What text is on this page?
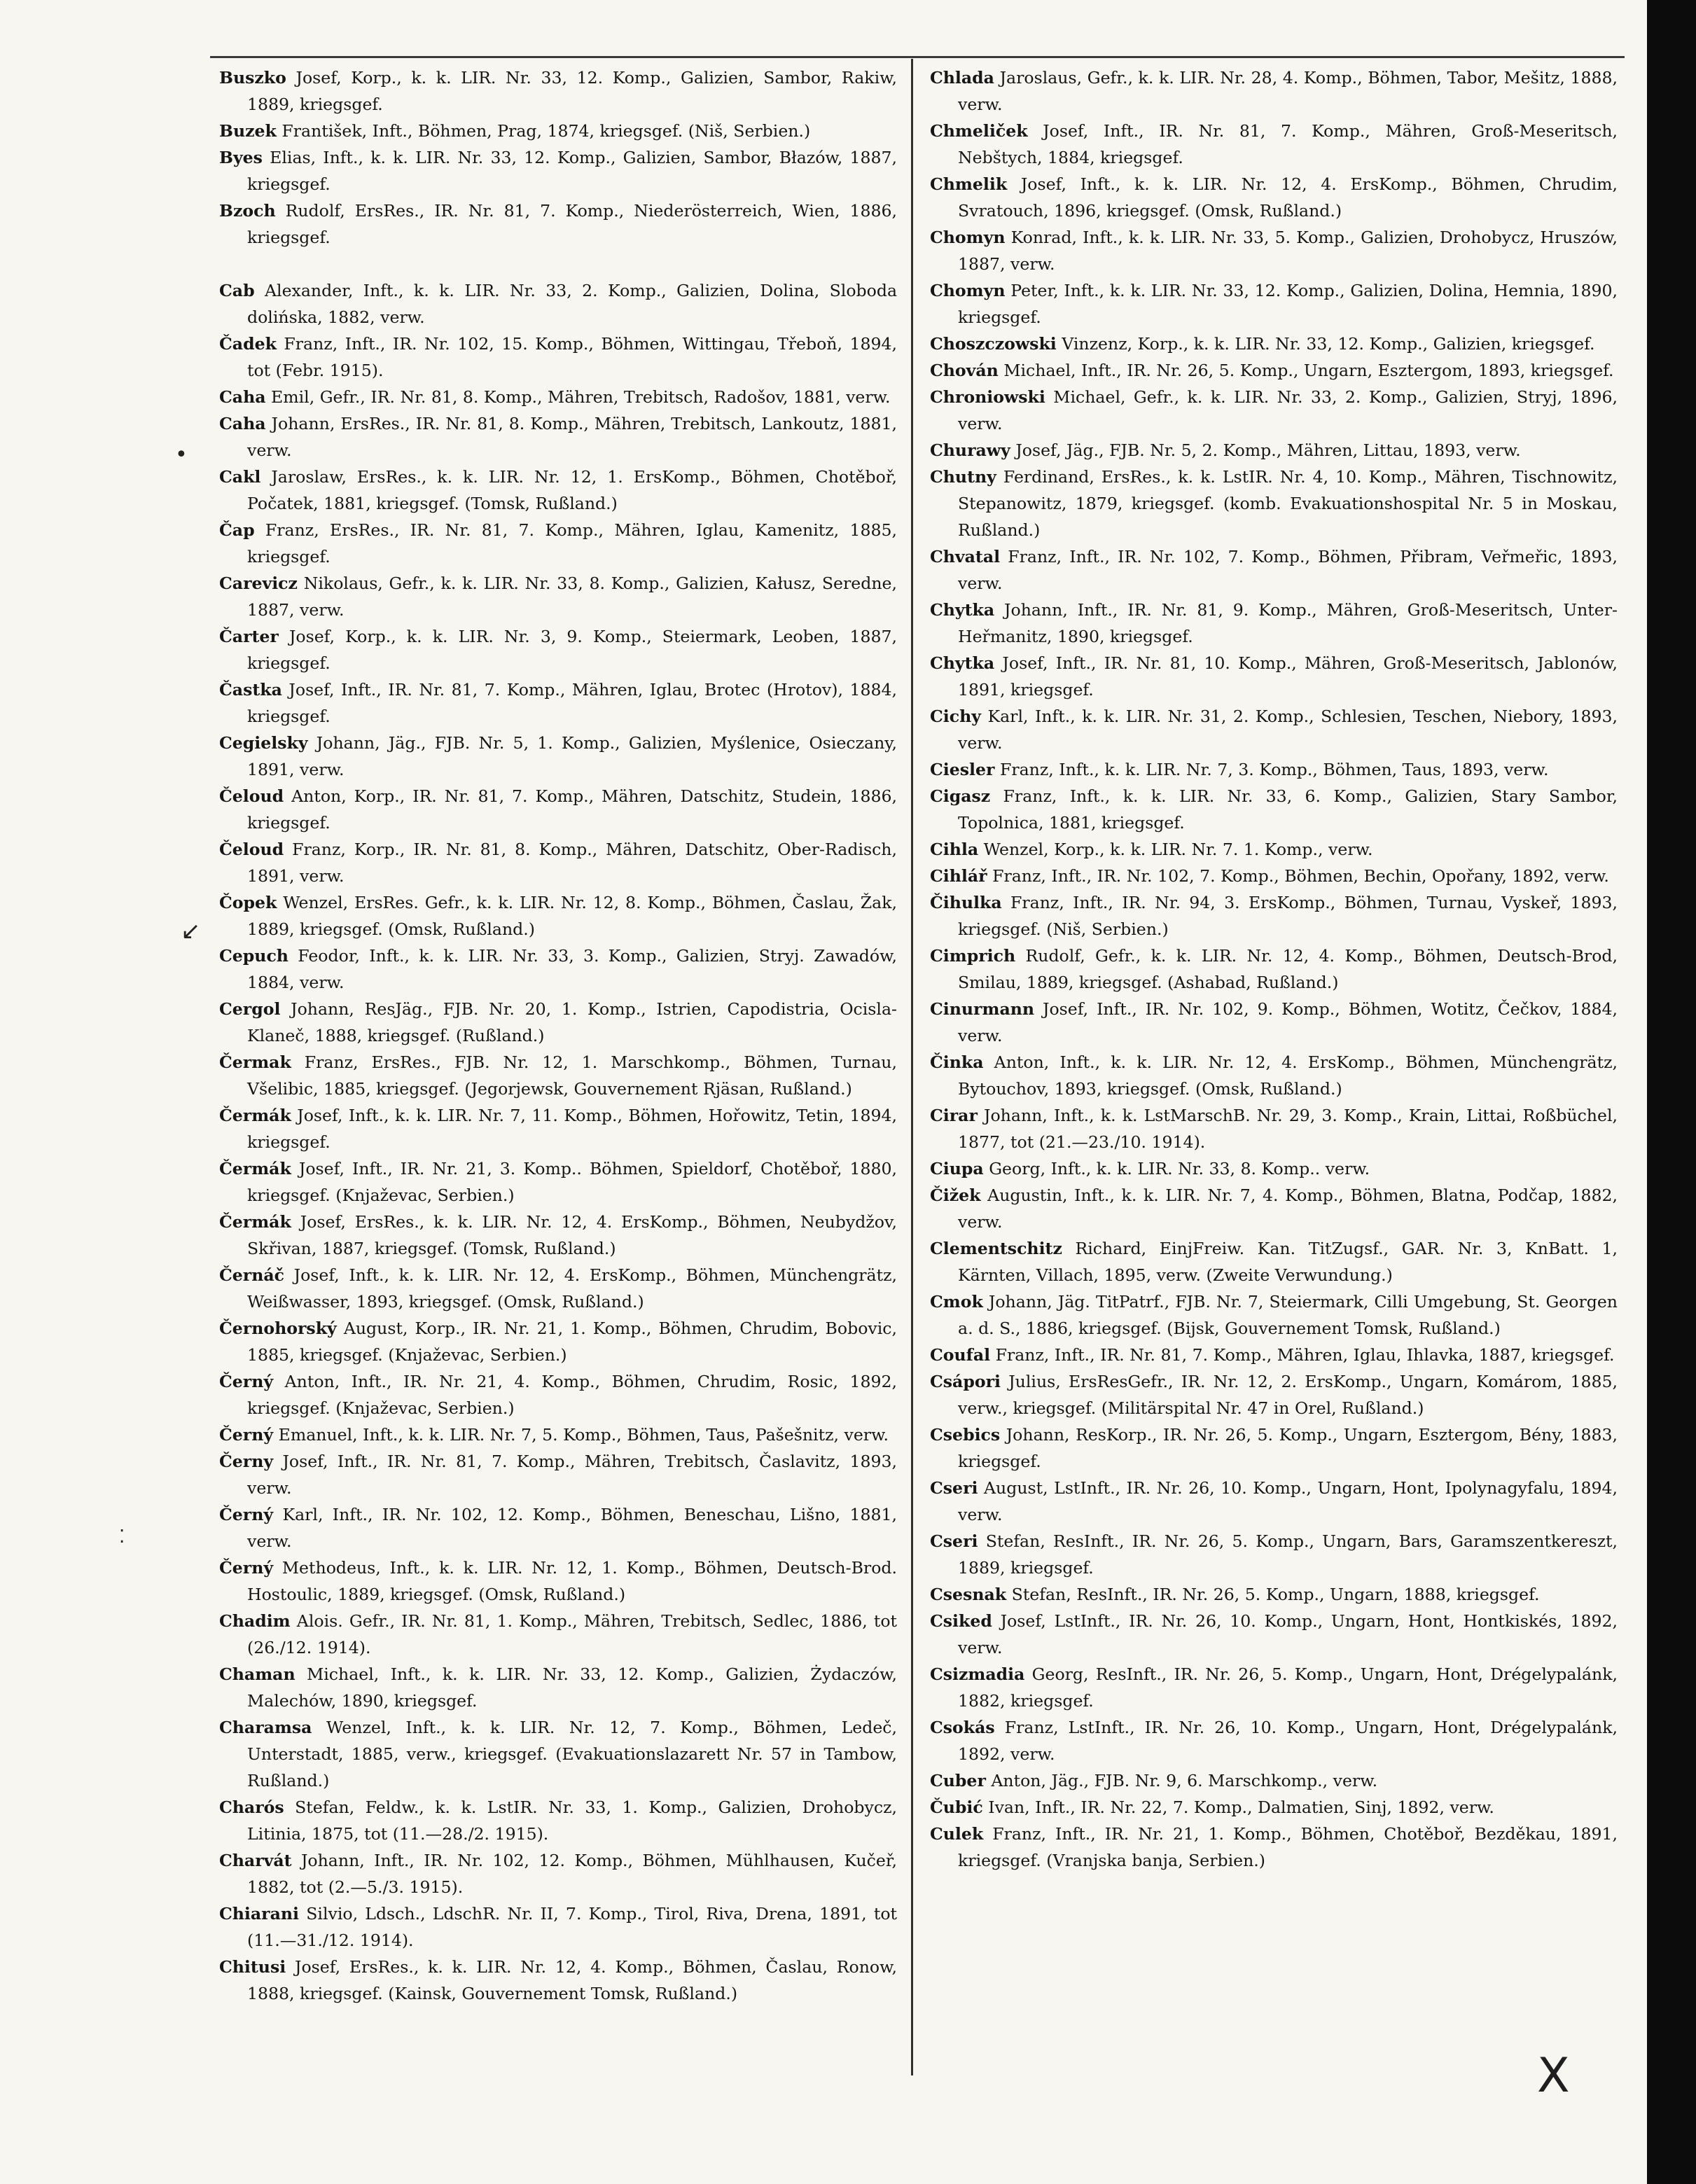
Buszko Josef, Korp., k. k. LIR. Nr. 33, 12. Komp., Galizien, Sambor, Rakiw, 1889, kriegsgef.

Buzek František, Inft., Böhmen, Prag, 1874, kriegsgef. (Niš, Serbien.)

Byes Elias, Inft., k. k. LIR. Nr. 33, 12. Komp., Galizien, Sambor, Błazów, 1887, kriegsgef.

Bzoch Rudolf, ErsRes., IR. Nr. 81, 7. Komp., Niederösterreich, Wien, 1886, kriegsgef.

Cab Alexander, Inft., k. k. LIR. Nr. 33, 2. Komp., Galizien, Dolina, Sloboda dolińska, 1882, verw.

Čadek Franz, Inft., IR. Nr. 102, 15. Komp., Böhmen, Wittingau, Třeboň, 1894, tot (Febr. 1915).

Caha Emil, Gefr., IR. Nr. 81, 8. Komp., Mähren, Trebitsch, Radošov, 1881, verw.

Caha Johann, ErsRes., IR. Nr. 81, 8. Komp., Mähren, Trebitsch, Lankoutz, 1881, verw.

Cakl Jaroslaw, ErsRes., k. k. LIR. Nr. 12, 1. ErsKomp., Böhmen, Chotěboř, Počatek, 1881, kriegsgef. (Tomsk, Rußland.)

Čap Franz, ErsRes., IR. Nr. 81, 7. Komp., Mähren, Iglau, Kamenitz, 1885, kriegsgef.

Carevicz Nikolaus, Gefr., k. k. LIR. Nr. 33, 8. Komp., Galizien, Kałusz, Seredne, 1887, verw.

Čarter Josef, Korp., k. k. LIR. Nr. 3, 9. Komp., Steiermark, Leoben, 1887, kriegsgef.

Častka Josef, Inft., IR. Nr. 81, 7. Komp., Mähren, Iglau, Brotec (Hrotov), 1884, kriegsgef.

Cegielsky Johann, Jäg., FJB. Nr. 5, 1. Komp., Galizien, Myślenice, Osieczany, 1891, verw.

Čeloud Anton, Korp., IR. Nr. 81, 7. Komp., Mähren, Datschitz, Studein, 1886, kriegsgef.

Čeloud Franz, Korp., IR. Nr. 81, 8. Komp., Mähren, Datschitz, Ober-Radisch, 1891, verw.

Čopek Wenzel, ErsRes. Gefr., k. k. LIR. Nr. 12, 8. Komp., Böhmen, Časlau, Žak, 1889, kriegsgef. (Omsk, Rußland.)

Cepuch Feodor, Inft., k. k. LIR. Nr. 33, 3. Komp., Galizien, Stryj. Zawadów, 1884, verw.

Cergol Johann, ResJäg., FJB. Nr. 20, 1. Komp., Istrien, Capodistria, Ocisla-Klaneč, 1888, kriegsgef. (Rußland.)

Čermak Franz, ErsRes., FJB. Nr. 12, 1. Marschkomp., Böhmen, Turnau, Všelibic, 1885, kriegsgef. (Jegorjewsk, Gouvernement Rjäsan, Rußland.)

Čermák Josef, Inft., k. k. LIR. Nr. 7, 11. Komp., Böhmen, Hořowitz, Tetin, 1894, kriegsgef.

Čermák Josef, Inft., IR. Nr. 21, 3. Komp.. Böhmen, Spieldorf, Chotěboř, 1880, kriegsgef. (Knjaževac, Serbien.)

Čermák Josef, ErsRes., k. k. LIR. Nr. 12, 4. ErsKomp., Böhmen, Neubydžov, Skřivan, 1887, kriegsgef. (Tomsk, Rußland.)

Černáč Josef, Inft., k. k. LIR. Nr. 12, 4. ErsKomp., Böhmen, Münchengrätz, Weißwasser, 1893, kriegsgef. (Omsk, Rußland.)

Černohorský August, Korp., IR. Nr. 21, 1. Komp., Böhmen, Chrudim, Bobovic, 1885, kriegsgef. (Knjaževac, Serbien.)

Černý Anton, Inft., IR. Nr. 21, 4. Komp., Böhmen, Chrudim, Rosic, 1892, kriegsgef. (Knjaževac, Serbien.)

Černý Emanuel, Inft., k. k. LIR. Nr. 7, 5. Komp., Böhmen, Taus, Pašešnitz, verw.

Černy Josef, Inft., IR. Nr. 81, 7. Komp., Mähren, Trebitsch, Časlavitz, 1893, verw.

Černý Karl, Inft., IR. Nr. 102, 12. Komp., Böhmen, Beneschau, Lišno, 1881, verw.

Černý Methodeus, Inft., k. k. LIR. Nr. 12, 1. Komp., Böhmen, Deutsch-Brod. Hostoulic, 1889, kriegsgef. (Omsk, Rußland.)

Chadim Alois. Gefr., IR. Nr. 81, 1. Komp., Mähren, Trebitsch, Sedlec, 1886, tot (26./12. 1914).

Chaman Michael, Inft., k. k. LIR. Nr. 33, 12. Komp., Galizien, Żydaczów, Malechów, 1890, kriegsgef.

Charamsa Wenzel, Inft., k. k. LIR. Nr. 12, 7. Komp., Böhmen, Ledeč, Unterstadt, 1885, verw., kriegsgef. (Evakuationslazarett Nr. 57 in Tambow, Rußland.)

Charós Stefan, Feldw., k. k. LstIR. Nr. 33, 1. Komp., Galizien, Drohobycz, Litinia, 1875, tot (11.—28./2. 1915).

Charvát Johann, Inft., IR. Nr. 102, 12. Komp., Böhmen, Mühlhausen, Kučeř, 1882, tot (2.—5./3. 1915).

Chiarani Silvio, Ldsch., LdschR. Nr. II, 7. Komp., Tirol, Riva, Drena, 1891, tot (11.—31./12. 1914).

Chitusi Josef, ErsRes., k. k. LIR. Nr. 12, 4. Komp., Böhmen, Časlau, Ronow, 1888, kriegsgef. (Kainsk, Gouvernement Tomsk, Rußland.)

Chlada Jaroslaus, Gefr., k. k. LIR. Nr. 28, 4. Komp., Böhmen, Tabor, Mešitz, 1888, verw.

Chmeliček Josef, Inft., IR. Nr. 81, 7. Komp., Mähren, Groß-Meseritsch, Nebštych, 1884, kriegsgef.

Chmelik Josef, Inft., k. k. LIR. Nr. 12, 4. ErsKomp., Böhmen, Chrudim, Svratouch, 1896, kriegsgef. (Omsk, Rußland.)

Chomyn Konrad, Inft., k. k. LIR. Nr. 33, 5. Komp., Galizien, Drohobycz, Hruszów, 1887, verw.

Chomyn Peter, Inft., k. k. LIR. Nr. 33, 12. Komp., Galizien, Dolina, Hemnia, 1890, kriegsgef.

Choszczowski Vinzenz, Korp., k. k. LIR. Nr. 33, 12. Komp., Galizien, kriegsgef.

Chován Michael, Inft., IR. Nr. 26, 5. Komp., Ungarn, Esztergom, 1893, kriegsgef.

Chroniowski Michael, Gefr., k. k. LIR. Nr. 33, 2. Komp., Galizien, Stryj, 1896, verw.

Churawy Josef, Jäg., FJB. Nr. 5, 2. Komp., Mähren, Littau, 1893, verw.

Chutny Ferdinand, ErsRes., k. k. LstIR. Nr. 4, 10. Komp., Mähren, Tischnowitz, Stepanowitz, 1879, kriegsgef. (komb. Evakuationshospital Nr. 5 in Moskau, Rußland.)

Chvatal Franz, Inft., IR. Nr. 102, 7. Komp., Böhmen, Přibram, Veřmeřic, 1893, verw.

Chytka Johann, Inft., IR. Nr. 81, 9. Komp., Mähren, Groß-Meseritsch, Unter-Heřmanitz, 1890, kriegsgef.

Chytka Josef, Inft., IR. Nr. 81, 10. Komp., Mähren, Groß-Meseritsch, Jablonów, 1891, kriegsgef.

Cichy Karl, Inft., k. k. LIR. Nr. 31, 2. Komp., Schlesien, Teschen, Niebory, 1893, verw.

Ciesler Franz, Inft., k. k. LIR. Nr. 7, 3. Komp., Böhmen, Taus, 1893, verw.

Cigasz Franz, Inft., k. k. LIR. Nr. 33, 6. Komp., Galizien, Stary Sambor, Topolnica, 1881, kriegsgef.

Cihla Wenzel, Korp., k. k. LIR. Nr. 7. 1. Komp., verw.

Cihlář Franz, Inft., IR. Nr. 102, 7. Komp., Böhmen, Bechin, Opořany, 1892, verw.

Čihulka Franz, Inft., IR. Nr. 94, 3. ErsKomp., Böhmen, Turnau, Vyskeř, 1893, kriegsgef. (Niš, Serbien.)

Cimprich Rudolf, Gefr., k. k. LIR. Nr. 12, 4. Komp., Böhmen, Deutsch-Brod, Smilau, 1889, kriegsgef. (Ashabad, Rußland.)

Cinurmann Josef, Inft., IR. Nr. 102, 9. Komp., Böhmen, Wotitz, Čečkov, 1884, verw.

Činka Anton, Inft., k. k. LIR. Nr. 12, 4. ErsKomp., Böhmen, Münchengrätz, Bytouchov, 1893, kriegsgef. (Omsk, Rußland.)

Cirar Johann, Inft., k. k. LstMarschB. Nr. 29, 3. Komp., Krain, Littai, Roßbüchel, 1877, tot (21.—23./10. 1914).

Ciupa Georg, Inft., k. k. LIR. Nr. 33, 8. Komp.. verw.

Čižek Augustin, Inft., k. k. LIR. Nr. 7, 4. Komp., Böhmen, Blatna, Podčap, 1882, verw.

Clementschitz Richard, EinjFreiw. Kan. TitZugsf., GAR. Nr. 3, KnBatt. 1, Kärnten, Villach, 1895, verw. (Zweite Verwundung.)

Cmok Johann, Jäg. TitPatrf., FJB. Nr. 7, Steiermark, Cilli Umgebung, St. Georgen a. d. S., 1886, kriegsgef. (Bijsk, Gouvernement Tomsk, Rußland.)

Coufal Franz, Inft., IR. Nr. 81, 7. Komp., Mähren, Iglau, Ihlavka, 1887, kriegsgef.

Csápori Julius, ErsResGefr., IR. Nr. 12, 2. ErsKomp., Ungarn, Komárom, 1885, verw., kriegsgef. (Militärspital Nr. 47 in Orel, Rußland.)

Csebics Johann, ResKorp., IR. Nr. 26, 5. Komp., Ungarn, Esztergom, Bény, 1883, kriegsgef.

Cseri August, LstInft., IR. Nr. 26, 10. Komp., Ungarn, Hont, Ipolynagyfalu, 1894, verw.

Cseri Stefan, ResInft., IR. Nr. 26, 5. Komp., Ungarn, Bars, Garamszentkereszt, 1889, kriegsgef.

Csesnak Stefan, ResInft., IR. Nr. 26, 5. Komp., Ungarn, 1888, kriegsgef.

Csiked Josef, LstInft., IR. Nr. 26, 10. Komp., Ungarn, Hont, Hontkiskés, 1892, verw.

Csizmadia Georg, ResInft., IR. Nr. 26, 5. Komp., Ungarn, Hont, Drégelypalánk, 1882, kriegsgef.

Csokás Franz, LstInft., IR. Nr. 26, 10. Komp., Ungarn, Hont, Drégelypalánk, 1892, verw.

Cuber Anton, Jäg., FJB. Nr. 9, 6. Marschkomp., verw.

Čubić Ivan, Inft., IR. Nr. 22, 7. Komp., Dalmatien, Sinj, 1892, verw.

Culek Franz, Inft., IR. Nr. 21, 1. Komp., Böhmen, Chotěboř, Bezděkau, 1891, kriegsgef. (Vranjska banja, Serbien.)

•
↙
⁚
X
